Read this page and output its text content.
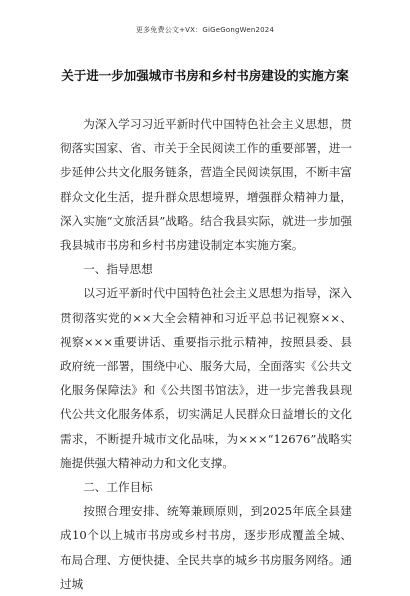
更多免费公文+VX：GiGeGongWen2024
关于进一步加强城市书房和乡村书房建设的实施方案

为深入学习习近平新时代中国特色社会主义思想，贯彻落实国家、省、市关于全民阅读工作的重要部署，进一步延伸公共文化服务链条，营造全民阅读氛围，不断丰富群众文化生活，提升群众思想境界，增强群众精神力量，深入实施“文旅活县”战略。结合我县实际，就进一步加强我县城市书房和乡村书房建设制定本实施方案。

一、指导思想

以习近平新时代中国特色社会主义思想为指导，深入贯彻落实党的××大全会精神和习近平总书记视察××、视察×××重要讲话、重要指示批示精神，按照县委、县政府统一部署，围绕中心、服务大局，全面落实《公共文化服务保障法》和《公共图书馆法》，进一步完善我县现代公共文化服务体系，切实满足人民群众日益增长的文化需求，不断提升城市文化品味，为×××“12676”战略实施提供强大精神动力和文化支撑。

二、工作目标

按照合理安排、统筹兼顾原则，到2025年底全县建成10个以上城市书房或乡村书房，逐步形成覆盖全城、布局合理、方便快捷、全民共享的城乡书房服务网络。通过城
